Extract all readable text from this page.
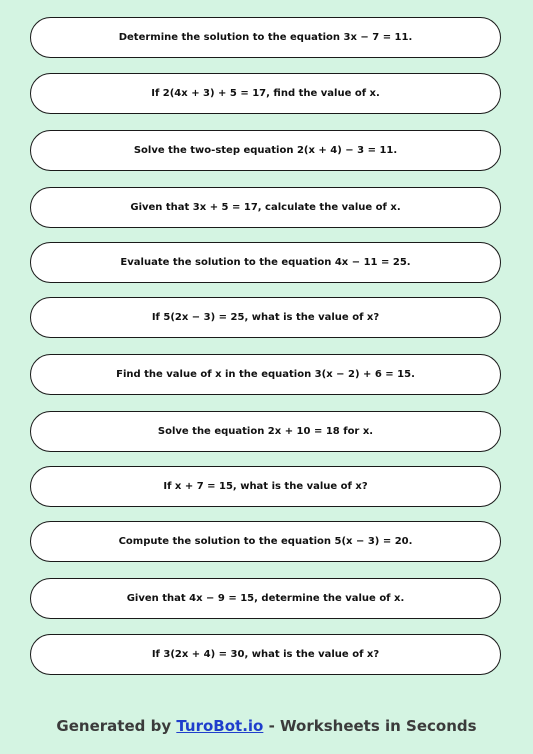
Determine the solution to the equation 3x − 7 = 11.
If 2(4x + 3) + 5 = 17, find the value of x.
Solve the two-step equation 2(x + 4) − 3 = 11.
Given that 3x + 5 = 17, calculate the value of x.
Evaluate the solution to the equation 4x − 11 = 25.
If 5(2x − 3) = 25, what is the value of x?
Find the value of x in the equation 3(x − 2) + 6 = 15.
Solve the equation 2x + 10 = 18 for x.
If x + 7 = 15, what is the value of x?
Compute the solution to the equation 5(x − 3) = 20.
Given that 4x − 9 = 15, determine the value of x.
If 3(2x + 4) = 30, what is the value of x?
Generated by TuroBot.io - Worksheets in Seconds
